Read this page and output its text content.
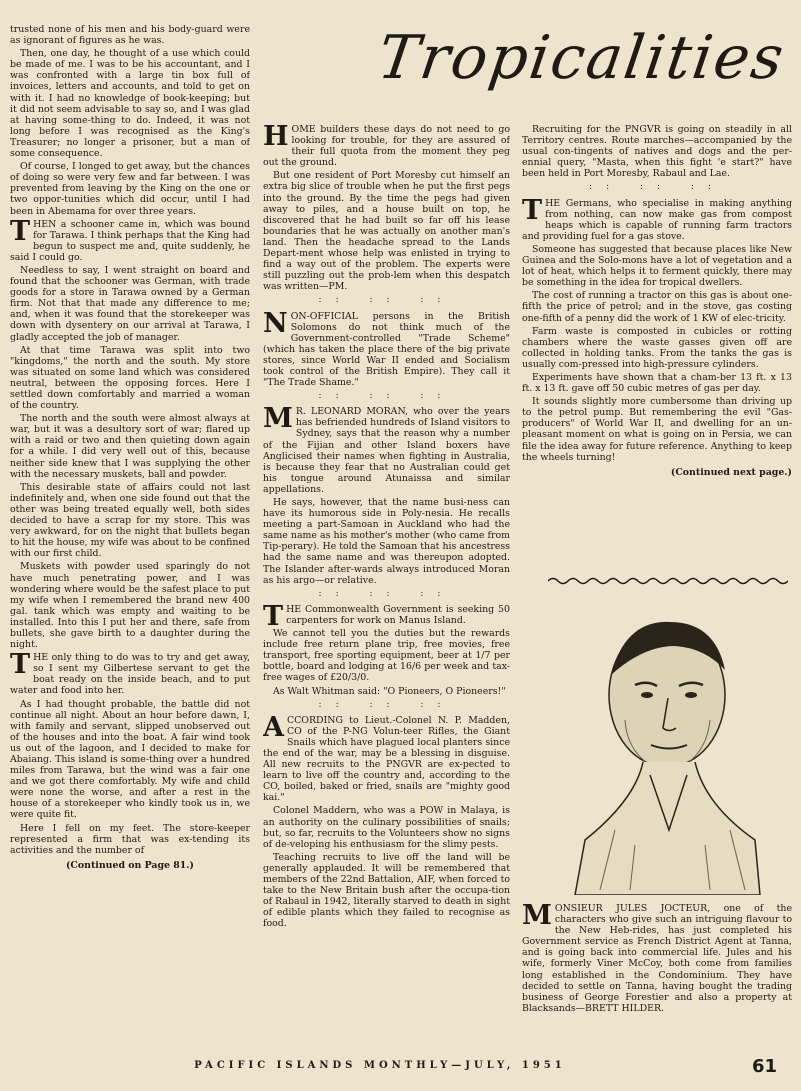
Tropicalities

trusted none of his men and his body-guard were as ignorant of figures as he was.

Then, one day, he thought of a use which could be made of me. I was to be his accountant, and I was confronted with a large tin box full of invoices, letters and accounts, and told to get on with it. I had no knowledge of book-keeping; but it did not seem advisable to say so, and I was glad at having some-thing to do. Indeed, it was not long before I was recognised as the King's Treasurer; no longer a prisoner, but a man of some consequence.

Of course, I longed to get away, but the chances of doing so were very few and far between. I was prevented from leaving by the King on the one or two oppor-tunities which did occur, until I had been in Abemama for over three years.

THEN a schooner came in, which was bound for Tarawa. I think perhaps that the King had begun to suspect me and, quite suddenly, he said I could go.

Needless to say, I went straight on board and found that the schooner was German, with trade goods for a store in Tarawa owned by a German firm. Not that that made any difference to me; and, when it was found that the storekeeper was down with dysentery on our arrival at Tarawa, I gladly accepted the job of manager.

At that time Tarawa was split into two "kingdoms," the north and the south. My store was situated on some land which was considered neutral, between the opposing forces. Here I settled down comfortably and married a woman of the country.

The north and the south were almost always at war, but it was a desultory sort of war; flared up with a raid or two and then quieting down again for a while. I did very well out of this, because neither side knew that I was supplying the other with the necessary muskets, ball and powder.

This desirable state of affairs could not last indefinitely and, when one side found out that the other was being treated equally well, both sides decided to have a scrap for my store. This was very awkward, for on the night that bullets began to hit the house, my wife was about to be confined with our first child.

Muskets with powder used sparingly do not have much penetrating power, and I was wondering where would be the safest place to put my wife when I remembered the brand new 400 gal. tank which was empty and waiting to be installed. Into this I put her and there, safe from bullets, she gave birth to a daughter during the night.

THE only thing to do was to try and get away, so I sent my Gilbertese servant to get the boat ready on the inside beach, and to put water and food into her.

As I had thought probable, the battle did not continue all night. About an hour before dawn, I, with family and servant, slipped unobserved out of the houses and into the boat. A fair wind took us out of the lagoon, and I decided to make for Abaiang. This island is some-thing over a hundred miles from Tarawa, but the wind was a fair one and we got there comfortably. My wife and child were none the worse, and after a rest in the house of a storekeeper who kindly took us in, we were quite fit.

Here I fell on my feet. The store-keeper represented a firm that was ex-tending its activities and the number of

(Continued on Page 81.)

HOME builders these days do not need to go looking for trouble, for they are assured of their full quota from the moment they peg out the ground.

But one resident of Port Moresby cut himself an extra big slice of trouble when he put the first pegs into the ground. By the time the pegs had given away to piles, and a house built on top, he discovered that he had built so far off his lease boundaries that he was actually on another man's land. Then the headache spread to the Lands Depart-ment whose help was enlisted in trying to find a way out of the problem. The experts were still puzzling out the prob-lem when this despatch was written—PM.

:: :: ::

NON-OFFICIAL persons in the British Solomons do not think much of the Government-controlled "Trade Scheme" (which has taken the place there of the big private stores, since World War II ended and Socialism took control of the British Empire). They call it "The Trade Shame."

:: :: ::

MR. LEONARD MORAN, who over the years has befriended hundreds of Island visitors to Sydney, says that the reason why a number of the Fijian and other Island boxers have Anglicised their names when fighting in Australia, is because they fear that no Australian could get his tongue around Atunaissa and similar appellations.

He says, however, that the name busi-ness can have its humorous side in Poly-nesia. He recalls meeting a part-Samoan in Auckland who had the same name as his mother's mother (who came from Tip-perary). He told the Samoan that his ancestress had the same name and was thereupon adopted. The Islander after-wards always introduced Moran as his argo—or relative.

:: :: ::

THE Commonwealth Government is seeking 50 carpenters for work on Manus Island.

We cannot tell you the duties but the rewards include free return plane trip, free movies, free transport, free sporting equipment, beer at 1/7 per bottle, board and lodging at 16/6 per week and tax-free wages of £20/3/0.

As Walt Whitman said: "O Pioneers, O Pioneers!"

:: :: ::

ACCORDING to Lieut.-Colonel N. P. Madden, CO of the P-NG Volun-teer Rifles, the Giant Snails which have plagued local planters since the end of the war, may be a blessing in disguise. All new recruits to the PNGVR are ex-pected to learn to live off the country and, according to the CO, boiled, baked or fried, snails are "mighty good kai."

Colonel Maddern, who was a POW in Malaya, is an authority on the culinary possibilities of snails; but, so far, recruits to the Volunteers show no signs of de-veloping his enthusiasm for the slimy pests.

Teaching recruits to live off the land will be generally applauded. It will be remembered that members of the 22nd Battalion, AIF, when forced to take to the New Britain bush after the occupa-tion of Rabaul in 1942, literally starved to death in sight of edible plants which they failed to recognise as food.

Recruiting for the PNGVR is going on steadily in all Territory centres. Route marches—accompanied by the usual con-tingents of natives and dogs and the per-ennial query, "Masta, when this fight 'e start?" have been held in Port Moresby, Rabaul and Lae.

:: :: ::

THE Germans, who specialise in making anything from nothing, can now make gas from compost heaps which is capable of running farm tractors and providing fuel for a gas stove.

Someone has suggested that because places like New Guinea and the Solo-mons have a lot of vegetation and a lot of heat, which helps it to ferment quickly, there may be something in the idea for tropical dwellers.

The cost of running a tractor on this gas is about one-fifth the price of petrol; and in the stove, gas costing one-fifth of a penny did the work of 1 KW of elec-tricity.

Farm waste is composted in cubicles or rotting chambers where the waste gasses given off are collected in holding tanks. From the tanks the gas is usually com-pressed into high-pressure cylinders.

Experiments have shown that a cham-ber 13 ft. x 13 ft. x 13 ft. gave off 50 cubic metres of gas per day.

It sounds slightly more cumbersome than driving up to the petrol pump. But remembering the evil "Gas-producers" of World War II, and dwelling for an un-pleasant moment on what is going on in Persia, we can file the idea away for future reference. Anything to keep the wheels turning!

(Continued next page.)

MONSIEUR JULES JOCTEUR, one of the characters who give such an intriguing flavour to the New Heb-rides, has just completed his Government service as French District Agent at Tanna, and is going back into commercial life. Jules and his wife, formerly Viner McCoy, both come from families long established in the Condominium. They have decided to settle on Tanna, having bought the trading business of George Forestier and also a property at Blacksands—BRETT HILDER.

PACIFIC ISLANDS MONTHLY—JULY, 1951	61
